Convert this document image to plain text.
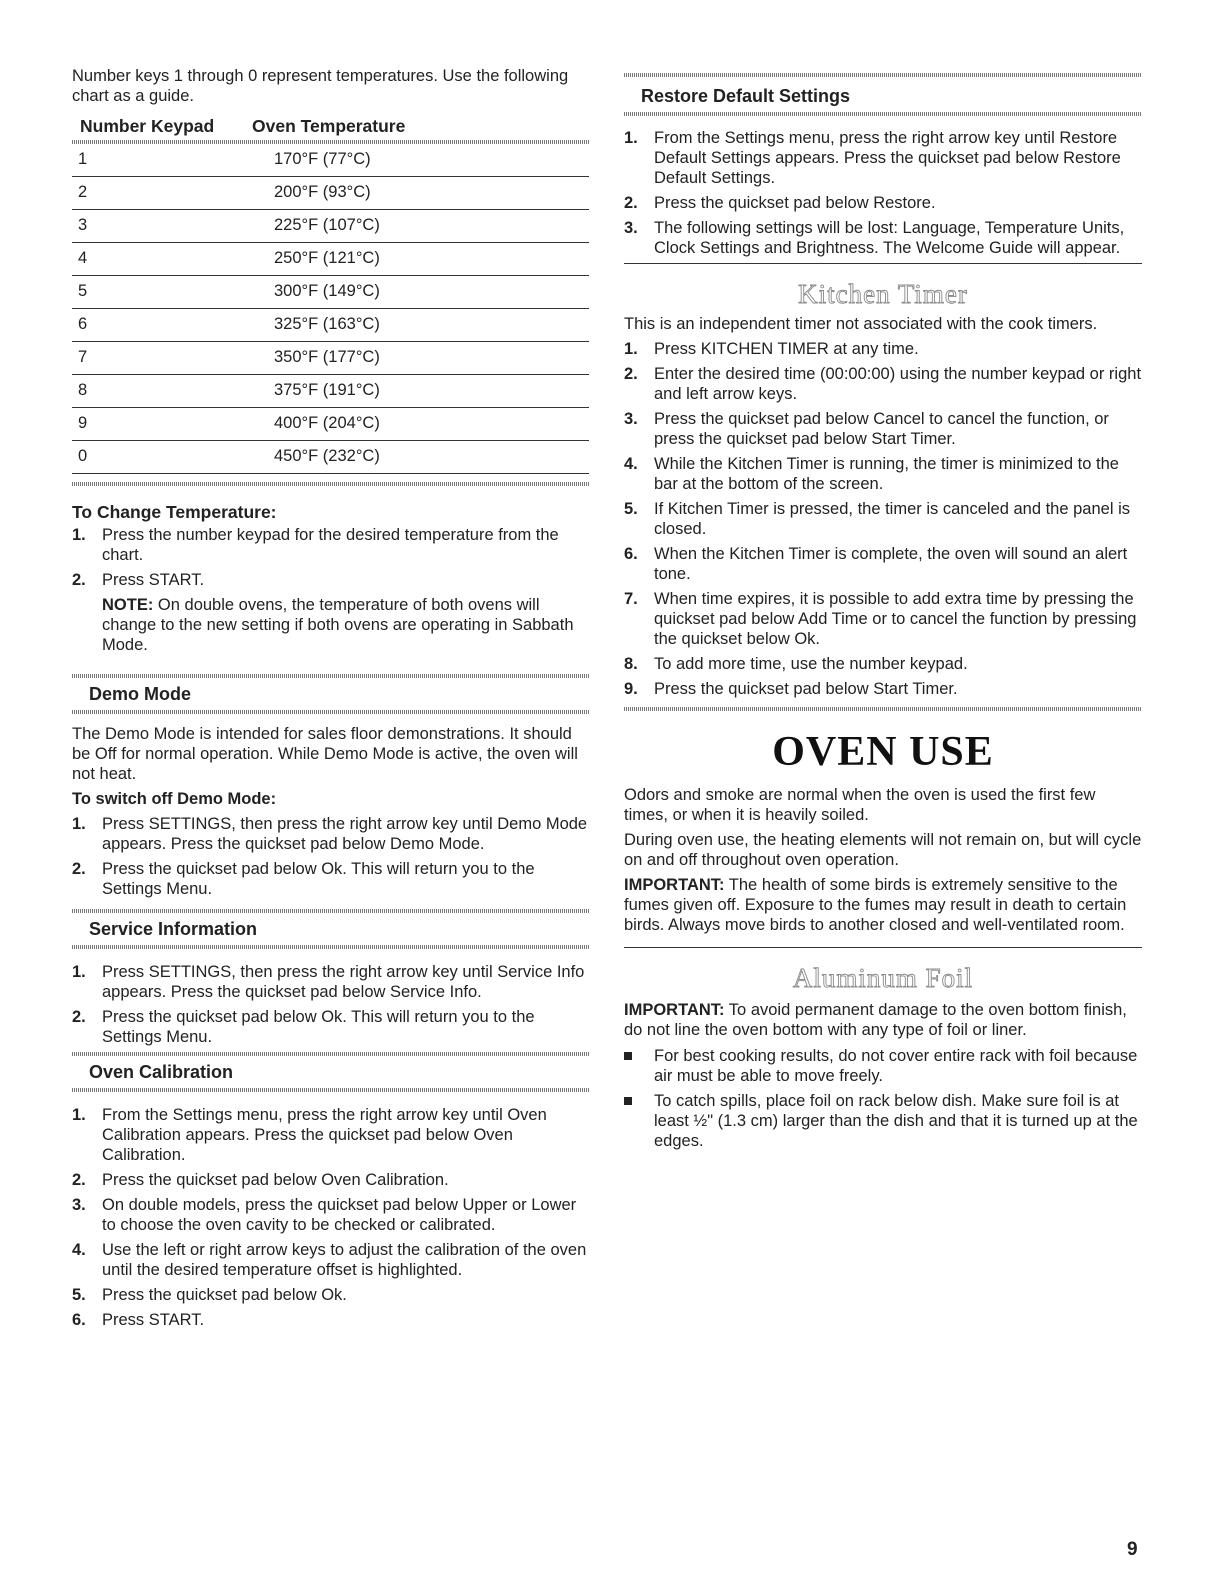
Number keys 1 through 0 represent temperatures. Use the following chart as a guide.

Number Keypad	Oven Temperature

1	170°F (77°C)
2	200°F (93°C)
3	225°F (107°C)
4	250°F (121°C)
5	300°F (149°C)
6	325°F (163°C)
7	350°F (177°C)
8	375°F (191°C)
9	400°F (204°C)
0	450°F (232°C)

To Change Temperature:

1. Press the number keypad for the desired temperature from the chart.
2. Press START.

NOTE: On double ovens, the temperature of both ovens will change to the new setting if both ovens are operating in Sabbath Mode.

Demo Mode

The Demo Mode is intended for sales floor demonstrations. It should be Off for normal operation. While Demo Mode is active, the oven will not heat.

To switch off Demo Mode:

1. Press SETTINGS, then press the right arrow key until Demo Mode appears. Press the quickset pad below Demo Mode.
2. Press the quickset pad below Ok. This will return you to the Settings Menu.
Service Information
1. Press SETTINGS, then press the right arrow key until Service Info appears. Press the quickset pad below Service Info.
2. Press the quickset pad below Ok. This will return you to the Settings Menu.
Oven Calibration
1. From the Settings menu, press the right arrow key until Oven Calibration appears. Press the quickset pad below Oven Calibration.
2. Press the quickset pad below Oven Calibration.
3. On double models, press the quickset pad below Upper or Lower to choose the oven cavity to be checked or calibrated.
4. Use the left or right arrow keys to adjust the calibration of the oven until the desired temperature offset is highlighted.
5. Press the quickset pad below Ok.
6. Press START.
Restore Default Settings
1. From the Settings menu, press the right arrow key until Restore Default Settings appears. Press the quickset pad below Restore Default Settings.
2. Press the quickset pad below Restore.
3. The following settings will be lost: Language, Temperature Units, Clock Settings and Brightness. The Welcome Guide will appear.
Kitchen Timer

This is an independent timer not associated with the cook timers.

1. Press KITCHEN TIMER at any time.
2. Enter the desired time (00:00:00) using the number keypad or right and left arrow keys.
3. Press the quickset pad below Cancel to cancel the function, or press the quickset pad below Start Timer.
4. While the Kitchen Timer is running, the timer is minimized to the bar at the bottom of the screen.
5. If Kitchen Timer is pressed, the timer is canceled and the panel is closed.
6. When the Kitchen Timer is complete, the oven will sound an alert tone.
7. When time expires, it is possible to add extra time by pressing the quickset pad below Add Time or to cancel the function by pressing the quickset below Ok.
8. To add more time, use the number keypad.
9. Press the quickset pad below Start Timer.
OVEN USE

Odors and smoke are normal when the oven is used the first few times, or when it is heavily soiled.

During oven use, the heating elements will not remain on, but will cycle on and off throughout oven operation.

IMPORTANT: The health of some birds is extremely sensitive to the fumes given off. Exposure to the fumes may result in death to certain birds. Always move birds to another closed and well-ventilated room.

Aluminum Foil

IMPORTANT: To avoid permanent damage to the oven bottom finish, do not line the oven bottom with any type of foil or liner.

For best cooking results, do not cover entire rack with foil because air must be able to move freely.
To catch spills, place foil on rack below dish. Make sure foil is at least ½" (1.3 cm) larger than the dish and that it is turned up at the edges.
9
